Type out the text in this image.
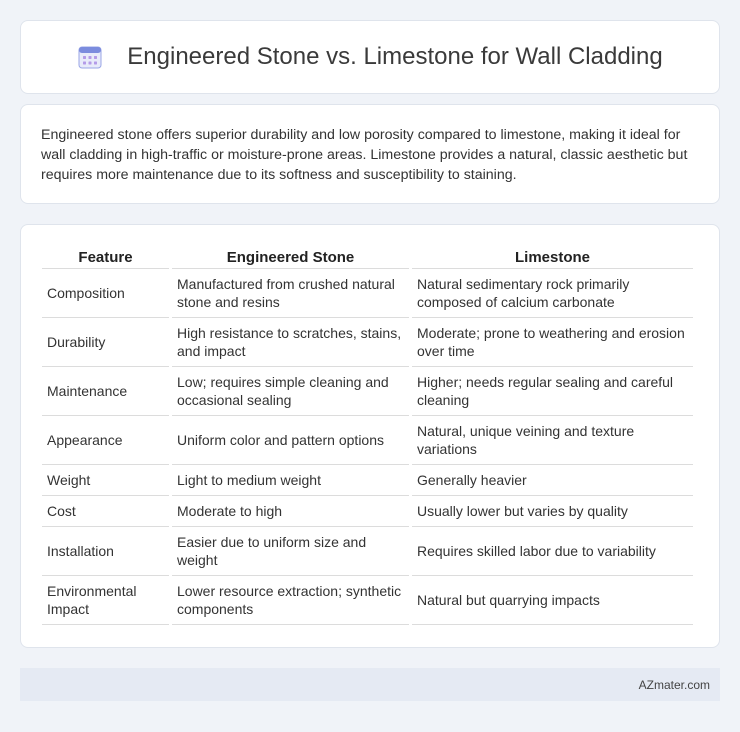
Engineered Stone vs. Limestone for Wall Cladding

Engineered stone offers superior durability and low porosity compared to limestone, making it ideal for wall cladding in high-traffic or moisture-prone areas. Limestone provides a natural, classic aesthetic but requires more maintenance due to its softness and susceptibility to staining.

Feature	Engineered Stone	Limestone
Composition	Manufactured from crushed natural stone and resins	Natural sedimentary rock primarily composed of calcium carbonate
Durability	High resistance to scratches, stains, and impact	Moderate; prone to weathering and erosion over time
Maintenance	Low; requires simple cleaning and occasional sealing	Higher; needs regular sealing and careful cleaning
Appearance	Uniform color and pattern options	Natural, unique veining and texture variations
Weight	Light to medium weight	Generally heavier
Cost	Moderate to high	Usually lower but varies by quality
Installation	Easier due to uniform size and weight	Requires skilled labor due to variability
Environmental Impact	Lower resource extraction; synthetic components	Natural but quarrying impacts
AZmater.com
